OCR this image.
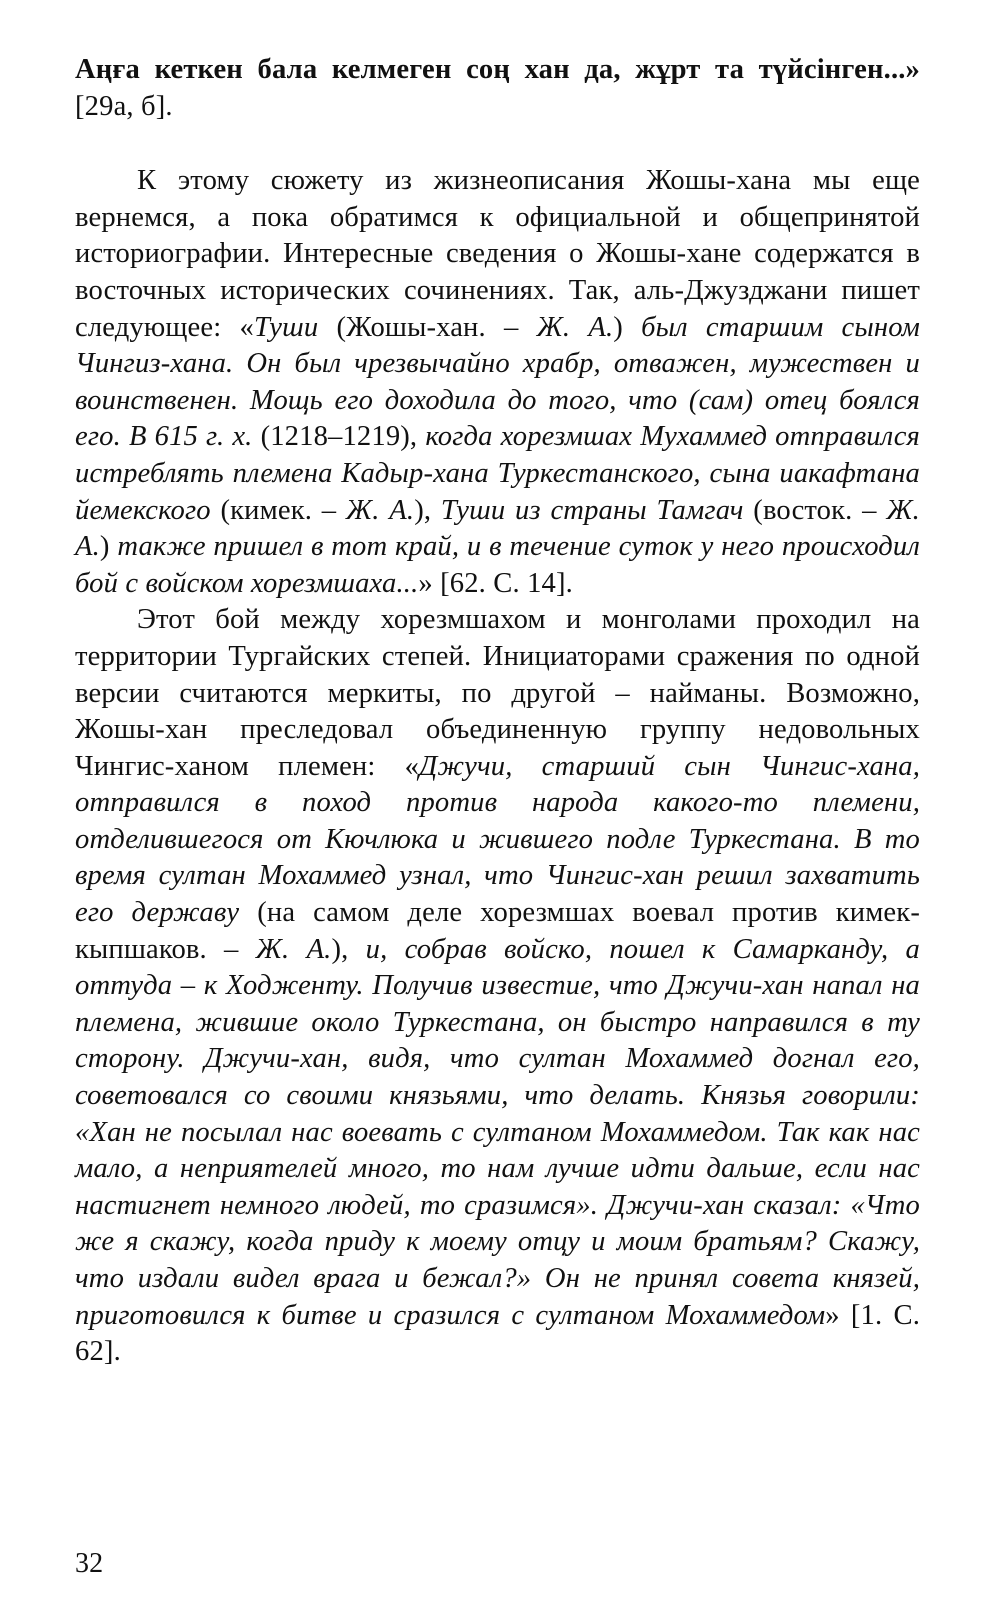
Аңға кеткен бала келмеген соң хан да, жұрт та түйсінген...» [29а, б].

К этому сюжету из жизнеописания Жошы-хана мы еще вернемся, а пока обратимся к официальной и общепринятой историографии. Интересные сведения о Жошы-хане содержатся в восточных исторических сочинениях. Так, аль-Джузджани пишет следующее: «Туши (Жошы-хан. – Ж. А.) был старшим сыном Чингиз-хана. Он был чрезвычайно храбр, отважен, мужествен и воинственен. Мощь его доходила до того, что (сам) отец боялся его. В 615 г. х. (1218–1219), когда хорезмшах Мухаммед отправился истреблять племена Кадыр-хана Туркестанского, сына иакафтана йемекского (кимек. – Ж. А.), Туши из страны Тамгач (восток. – Ж. А.) также пришел в тот край, и в течение суток у него происходил бой с войском хорезмшаха...» [62. С. 14].

Этот бой между хорезмшахом и монголами проходил на территории Тургайских степей. Инициаторами сражения по одной версии считаются меркиты, по другой – найманы. Возможно, Жошы-хан преследовал объединенную группу недовольных Чингис-ханом племен: «Джучи, старший сын Чингис-хана, отправился в поход против народа какого-то племени, отделившегося от Кючлюка и жившего подле Туркестана. В то время султан Мохаммед узнал, что Чингис-хан решил захватить его державу (на самом деле хорезмшах воевал против кимек-кыпшаков. – Ж. А.), и, собрав войско, пошел к Самарканду, а оттуда – к Ходженту. Получив известие, что Джучи-хан напал на племена, жившие около Туркестана, он быстро направился в ту сторону. Джучи-хан, видя, что султан Мохаммед догнал его, советовался со своими князьями, что делать. Князья говорили: «Хан не посылал нас воевать с султаном Мохаммедом. Так как нас мало, а неприятелей много, то нам лучше идти дальше, если нас настигнет немного людей, то сразимся». Джучи-хан сказал: «Что же я скажу, когда приду к моему отцу и моим братьям? Скажу, что издали видел врага и бежал?» Он не принял совета князей, приготовился к битве и сразился с султаном Мохаммедом» [1. С. 62].

32
